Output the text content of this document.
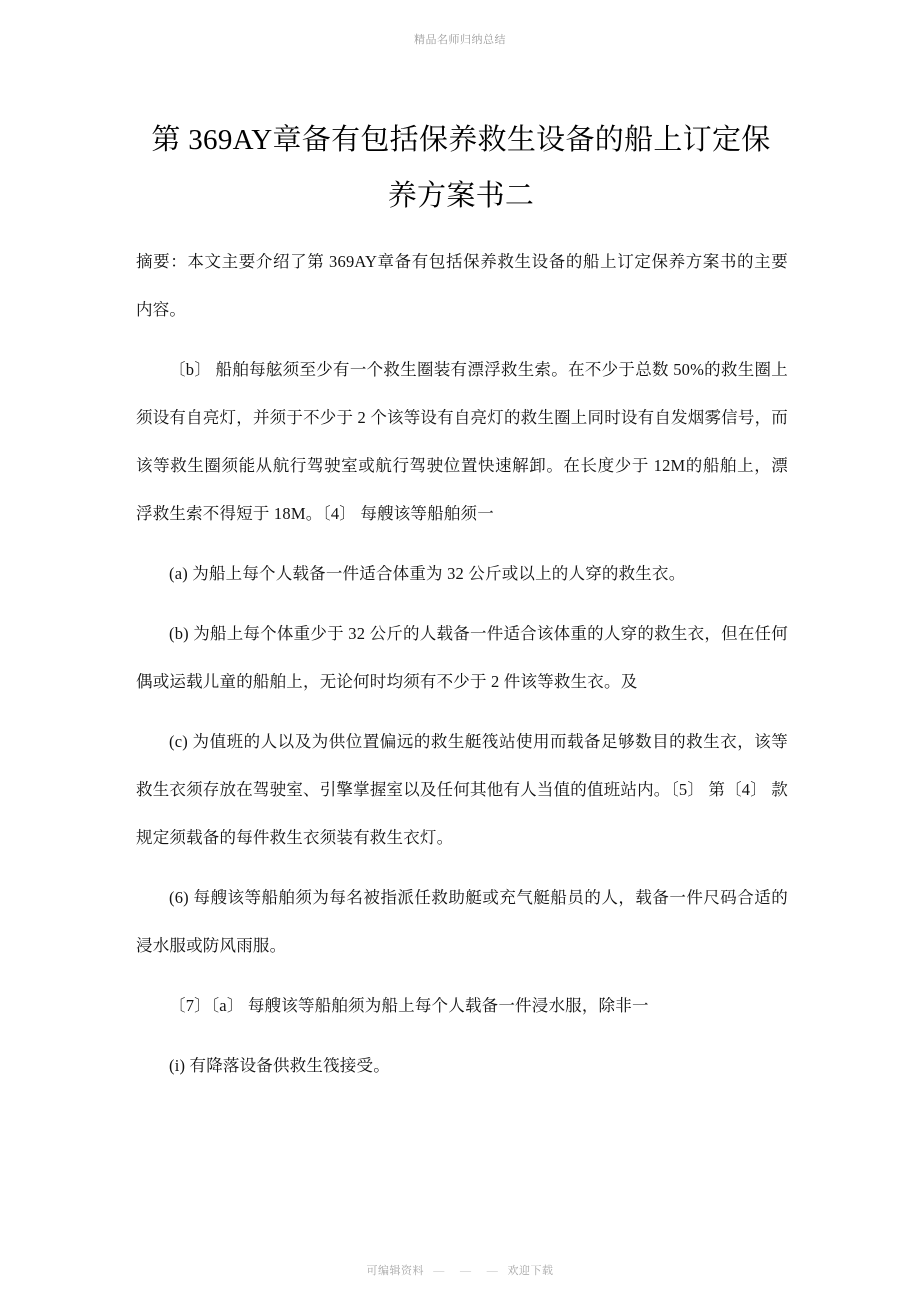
精品名师归纳总结
第 369AY章备有包括保养救生设备的船上订定保
养方案书二

摘要：本文主要介绍了第 369AY章备有包括保养救生设备的船上订定保养方案书的主要内容。

〔b〕 船舶每舷须至少有一个救生圈装有漂浮救生索。在不少于总数 50%的救生圈上须设有自亮灯，并须于不少于 2 个该等设有自亮灯的救生圈上同时设有自发烟雾信号，而该等救生圈须能从航行驾驶室或航行驾驶位置快速解卸。在长度少于 12M的船舶上，漂浮救生索不得短于 18M。〔4〕 每艘该等船舶须一

(a) 为船上每个人载备一件适合体重为 32 公斤或以上的人穿的救生衣。

(b) 为船上每个体重少于 32 公斤的人载备一件适合该体重的人穿的救生衣，但在任何偶或运载儿童的船舶上，无论何时均须有不少于 2 件该等救生衣。及

(c) 为值班的人以及为供位置偏远的救生艇筏站使用而载备足够数目的救生衣，该等救生衣须存放在驾驶室、引擎掌握室以及任何其他有人当值的值班站内。〔5〕 第〔4〕 款规定须载备的每件救生衣须装有救生衣灯。

(6) 每艘该等船舶须为每名被指派任救助艇或充气艇船员的人，载备一件尺码合适的浸水服或防风雨服。

〔7〕〔a〕 每艘该等船舶须为船上每个人载备一件浸水服，除非一

(i) 有降落设备供救生筏接受。

可编辑资料 — — — 欢迎下载
